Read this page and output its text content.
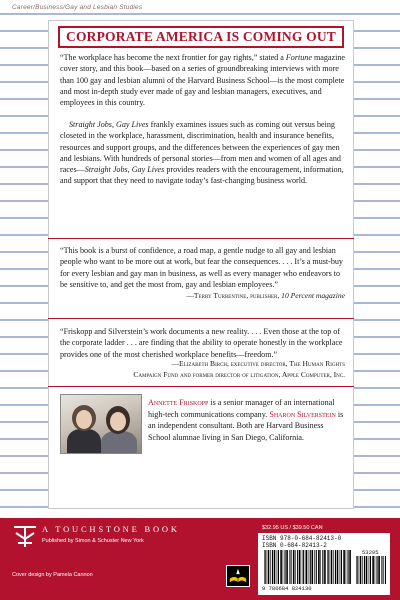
Career/Business/Gay and Lesbian Studies
CORPORATE AMERICA IS COMING OUT

“The workplace has become the next frontier for gay rights,” stated a Fortune magazine cover story, and this book—based on a series of groundbreaking interviews with more than 100 gay and lesbian alumni of the Harvard Business School—is the most complete and most in-depth study ever made of gay and lesbian managers, executives, and employees in this country.

Straight Jobs, Gay Lives frankly examines issues such as coming out versus being closeted in the workplace, harassment, discrimination, health and insurance benefits, resources and support groups, and the differences between the experiences of gay men and lesbians. With hundreds of personal stories—from men and women of all ages and races—Straight Jobs, Gay Lives provides readers with the encouragement, information, and support that they need to navigate today’s fast-changing business world.

“This book is a burst of confidence, a road map, a gentle nudge to all gay and lesbian people who want to be more out at work, but fear the consequences. . . . It’s a must-buy for every lesbian and gay man in business, as well as every manager who endeavors to be sensitive to, and get the most from, gay and lesbian employees.”

—Terry Turrentine, publisher, 10 Percent magazine

“Friskopp and Silverstein’s work documents a new reality. . . . Even those at the top of the corporate ladder . . . are finding that the ability to operate honestly in the workplace provides one of the most cherished workplace benefits—freedom.”

—Elizabeth Birch, executive director, The Human Rights
Campaign Fund and former director of litigation, Apple Computer, Inc.

Annette Friskopp is a senior manager of an international high-tech communications company. Sharon Silverstein is an independent consultant. Both are Harvard Business School alumnae living in San Diego, California.

A TOUCHSTONE BOOK
Published by Simon & Schuster New York
Cover design by Pamela Cannon
$32.95 US / $39.50 CAN
ISBN 978-0-684-82413-0
ISBN 0-684-82413-2
53295
9 780684 824130
